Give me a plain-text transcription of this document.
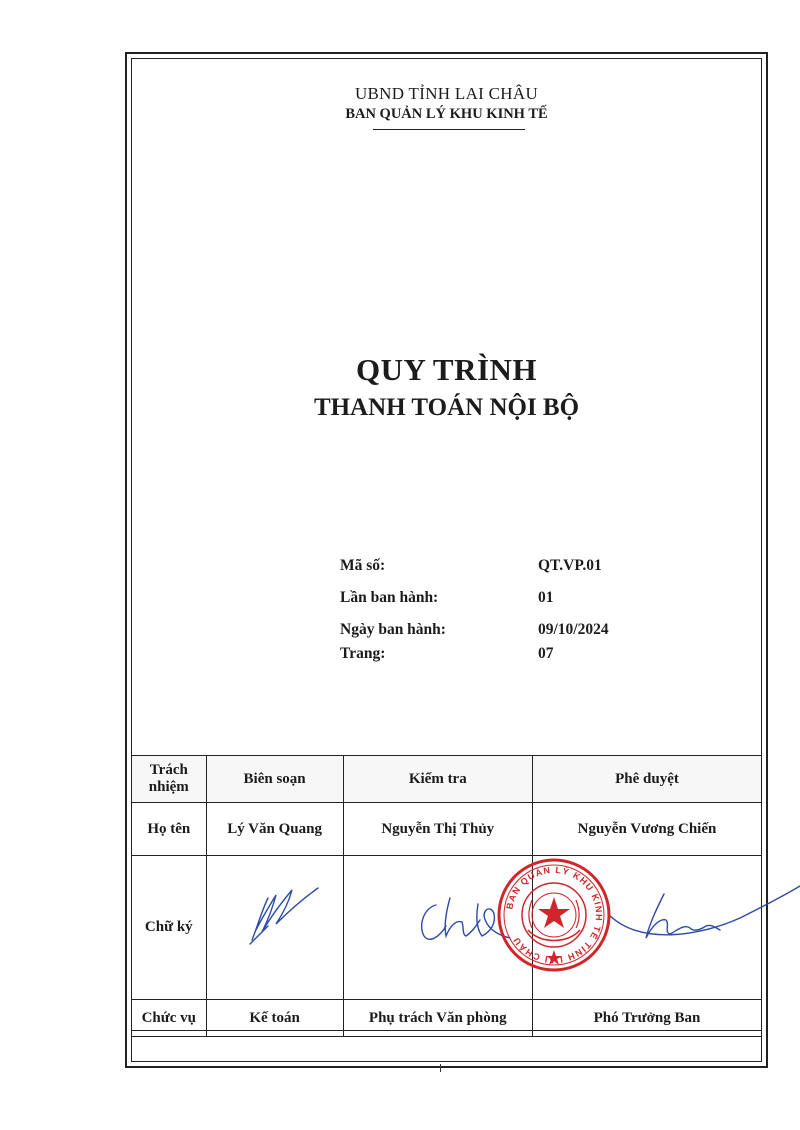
UBND TỈNH LAI CHÂU
BAN QUẢN LÝ KHU KINH TẾ
QUY TRÌNH
THANH TOÁN NỘI BỘ
Mã số:	QT.VP.01
Lần ban hành:	01
Ngày ban hành:	09/10/2024
Trang:	07
Trách nhiệm	Biên soạn	Kiểm tra	Phê duyệt
Họ tên	Lý Văn Quang	Nguyễn Thị Thủy	Nguyễn Vương Chiến
Chữ ký			
Chức vụ	Kế toán	Phụ trách Văn phòng	Phó Trưởng Ban
BAN QUẢN LÝ KHU KINH TẾ TỈNH LAI CHÂU
